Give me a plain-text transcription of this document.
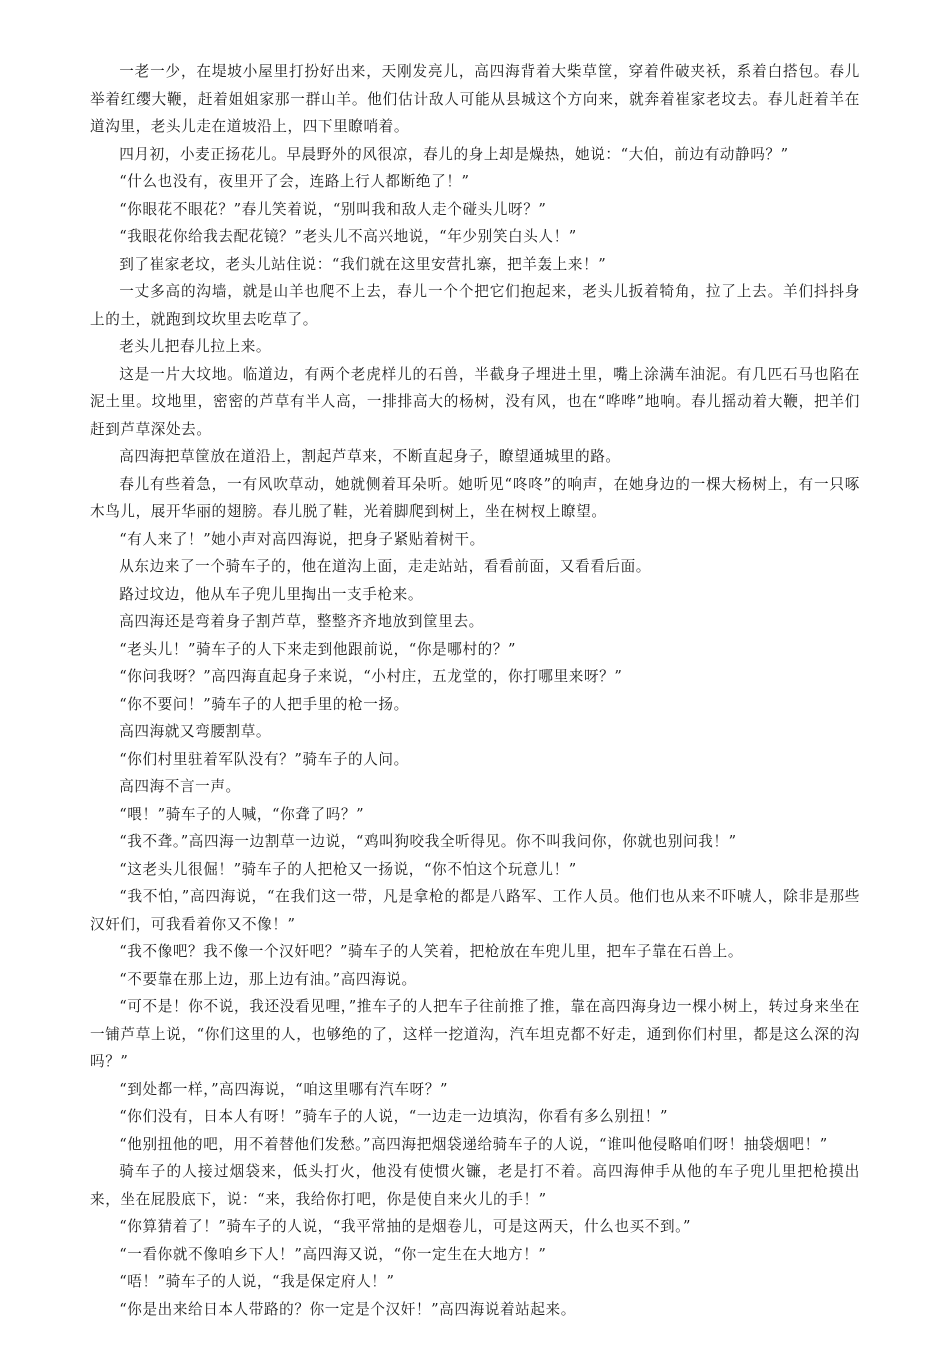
一老一少，在堤坡小屋里打扮好出来，天刚发亮儿，高四海背着大柴草筐，穿着件破夹袄，系着白搭包。春儿举着红缨大鞭，赶着姐姐家那一群山羊。他们估计敌人可能从县城这个方向来，就奔着崔家老坟去。春儿赶着羊在道沟里，老头儿走在道坡沿上，四下里瞭哨着。

四月初，小麦正扬花儿。早晨野外的风很凉，春儿的身上却是燥热，她说：“大伯，前边有动静吗？”

“什么也没有，夜里开了会，连路上行人都断绝了！”

“你眼花不眼花？”春儿笑着说，“别叫我和敌人走个碰头儿呀？”

“我眼花你给我去配花镜？”老头儿不高兴地说，“年少别笑白头人！”

到了崔家老坟，老头儿站住说：“我们就在这里安营扎寨，把羊轰上来！”

一丈多高的沟墙，就是山羊也爬不上去，春儿一个个把它们抱起来，老头儿扳着犄角，拉了上去。羊们抖抖身上的土，就跑到坟坎里去吃草了。

老头儿把春儿拉上来。

这是一片大坟地。临道边，有两个老虎样儿的石兽，半截身子埋进土里，嘴上涂满车油泥。有几匹石马也陷在泥土里。坟地里，密密的芦草有半人高，一排排高大的杨树，没有风，也在“哗哗”地响。春儿摇动着大鞭，把羊们赶到芦草深处去。

高四海把草筐放在道沿上，割起芦草来，不断直起身子，瞭望通城里的路。

春儿有些着急，一有风吹草动，她就侧着耳朵听。她听见“咚咚”的响声，在她身边的一棵大杨树上，有一只啄木鸟儿，展开华丽的翅膀。春儿脱了鞋，光着脚爬到树上，坐在树杈上瞭望。

“有人来了！”她小声对高四海说，把身子紧贴着树干。

从东边来了一个骑车子的，他在道沟上面，走走站站，看看前面，又看看后面。

路过坟边，他从车子兜儿里掏出一支手枪来。

高四海还是弯着身子割芦草，整整齐齐地放到筐里去。

“老头儿！”骑车子的人下来走到他跟前说，“你是哪村的？”

“你问我呀？”高四海直起身子来说，“小村庄，五龙堂的，你打哪里来呀？”

“你不要问！”骑车子的人把手里的枪一扬。

高四海就又弯腰割草。

“你们村里驻着军队没有？”骑车子的人问。

高四海不言一声。

“喂！”骑车子的人喊，“你聋了吗？”

“我不聋。”高四海一边割草一边说，“鸡叫狗咬我全听得见。你不叫我问你，你就也别问我！”

“这老头儿很倔！”骑车子的人把枪又一扬说，“你不怕这个玩意儿！”

“我不怕，”高四海说，“在我们这一带，凡是拿枪的都是八路军、工作人员。他们也从来不吓唬人，除非是那些汉奸们，可我看着你又不像！”

“我不像吧？我不像一个汉奸吧？”骑车子的人笑着，把枪放在车兜儿里，把车子靠在石兽上。

“不要靠在那上边，那上边有油。”高四海说。

“可不是！你不说，我还没看见哩，”推车子的人把车子往前推了推，靠在高四海身边一棵小树上，转过身来坐在一铺芦草上说，“你们这里的人，也够绝的了，这样一挖道沟，汽车坦克都不好走，通到你们村里，都是这么深的沟吗？”

“到处都一样，”高四海说，“咱这里哪有汽车呀？”

“你们没有，日本人有呀！”骑车子的人说，“一边走一边填沟，你看有多么别扭！”

“他别扭他的吧，用不着替他们发愁。”高四海把烟袋递给骑车子的人说，“谁叫他侵略咱们呀！抽袋烟吧！”

骑车子的人接过烟袋来，低头打火，他没有使惯火镰，老是打不着。高四海伸手从他的车子兜儿里把枪摸出来，坐在屁股底下，说：“来，我给你打吧，你是使自来火儿的手！”

“你算猜着了！”骑车子的人说，“我平常抽的是烟卷儿，可是这两天，什么也买不到。”

“一看你就不像咱乡下人！”高四海又说，“你一定生在大地方！”

“唔！”骑车子的人说，“我是保定府人！”

“你是出来给日本人带路的？你一定是个汉奸！”高四海说着站起来。
